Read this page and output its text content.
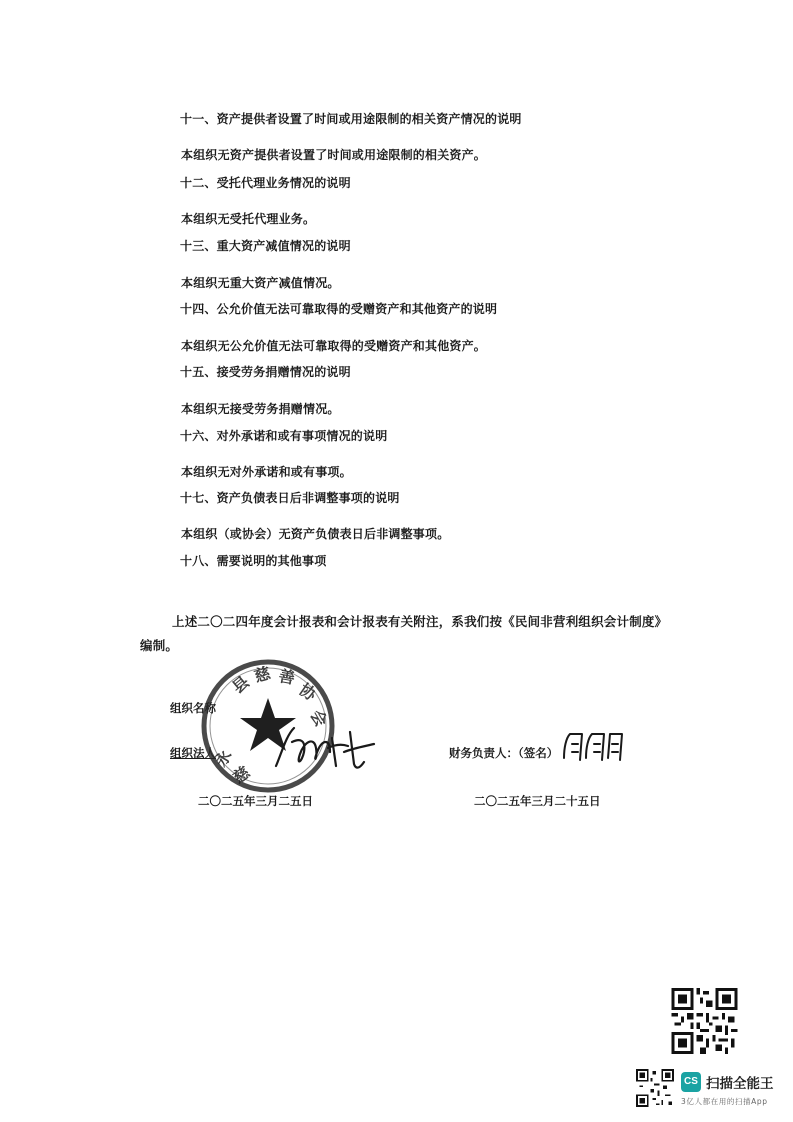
十一、资产提供者设置了时间或用途限制的相关资产情况的说明
本组织无资产提供者设置了时间或用途限制的相关资产。
十二、受托代理业务情况的说明
本组织无受托代理业务。
十三、重大资产减值情况的说明
本组织无重大资产减值情况。
十四、公允价值无法可靠取得的受赠资产和其他资产的说明
本组织无公允价值无法可靠取得的受赠资产和其他资产。
十五、接受劳务捐赠情况的说明
本组织无接受劳务捐赠情况。
十六、对外承诺和或有事项情况的说明
本组织无对外承诺和或有事项。
十七、资产负债表日后非调整事项的说明
本组织（或协会）无资产负债表日后非调整事项。
十八、需要说明的其他事项
上述二〇二四年度会计报表和会计报表有关附注，系我们按《民间非营利组织会计制度》
编制。
组织名称
组织法人	财务负责人：（签名）
二〇二五年三月二五日	二〇二五年三月二十五日
县 慈 善
协
会
永
慈
CS 扫描全能王
3亿人都在用的扫描App
